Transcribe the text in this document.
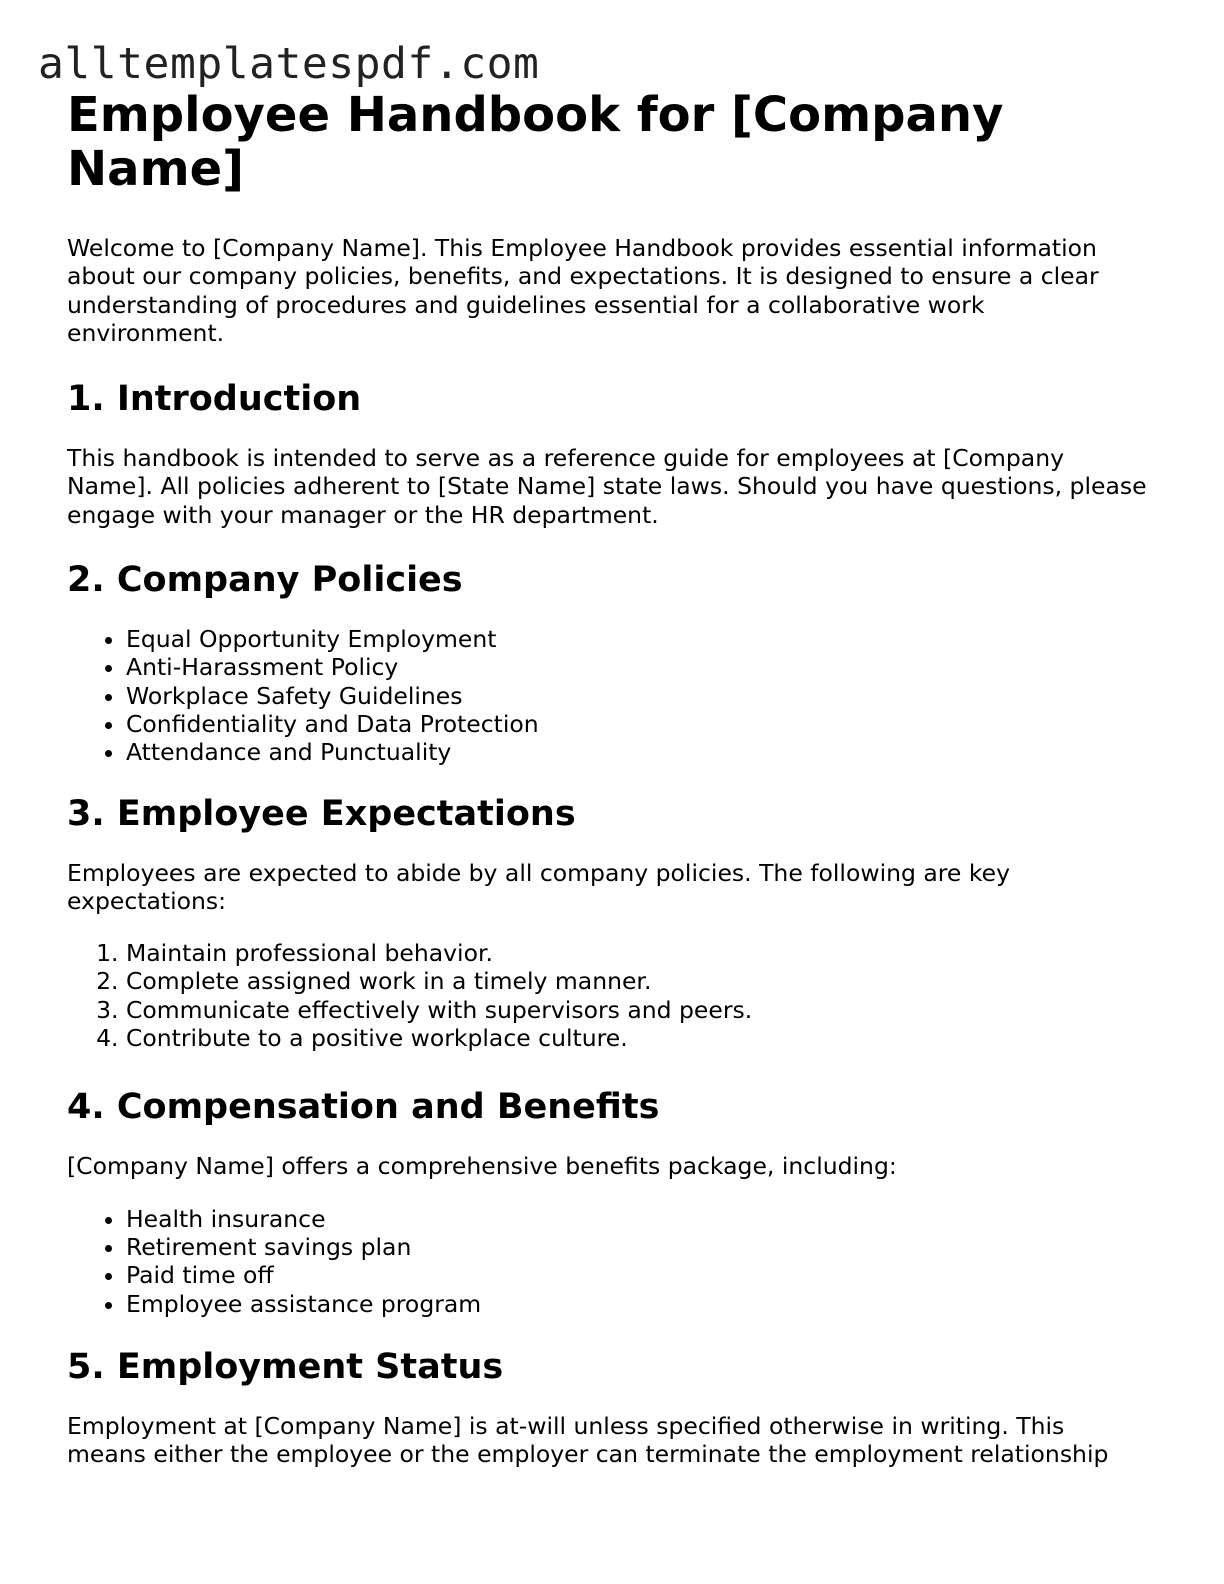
alltemplatespdf.com
Employee Handbook for [Company Name]

Welcome to [Company Name]. This Employee Handbook provides essential information about our company policies, benefits, and expectations. It is designed to ensure a clear understanding of procedures and guidelines essential for a collaborative work environment.

1. Introduction

This handbook is intended to serve as a reference guide for employees at [Company Name]. All policies adherent to [State Name] state laws. Should you have questions, please engage with your manager or the HR department.

2. Company Policies
• Equal Opportunity Employment
• Anti-Harassment Policy
• Workplace Safety Guidelines
• Confidentiality and Data Protection
• Attendance and Punctuality
3. Employee Expectations

Employees are expected to abide by all company policies. The following are key expectations:

1. Maintain professional behavior.
2. Complete assigned work in a timely manner.
3. Communicate effectively with supervisors and peers.
4. Contribute to a positive workplace culture.
4. Compensation and Benefits

[Company Name] offers a comprehensive benefits package, including:

• Health insurance
• Retirement savings plan
• Paid time off
• Employee assistance program
5. Employment Status

Employment at [Company Name] is at-will unless specified otherwise in writing. This means either the employee or the employer can terminate the employment relationship
